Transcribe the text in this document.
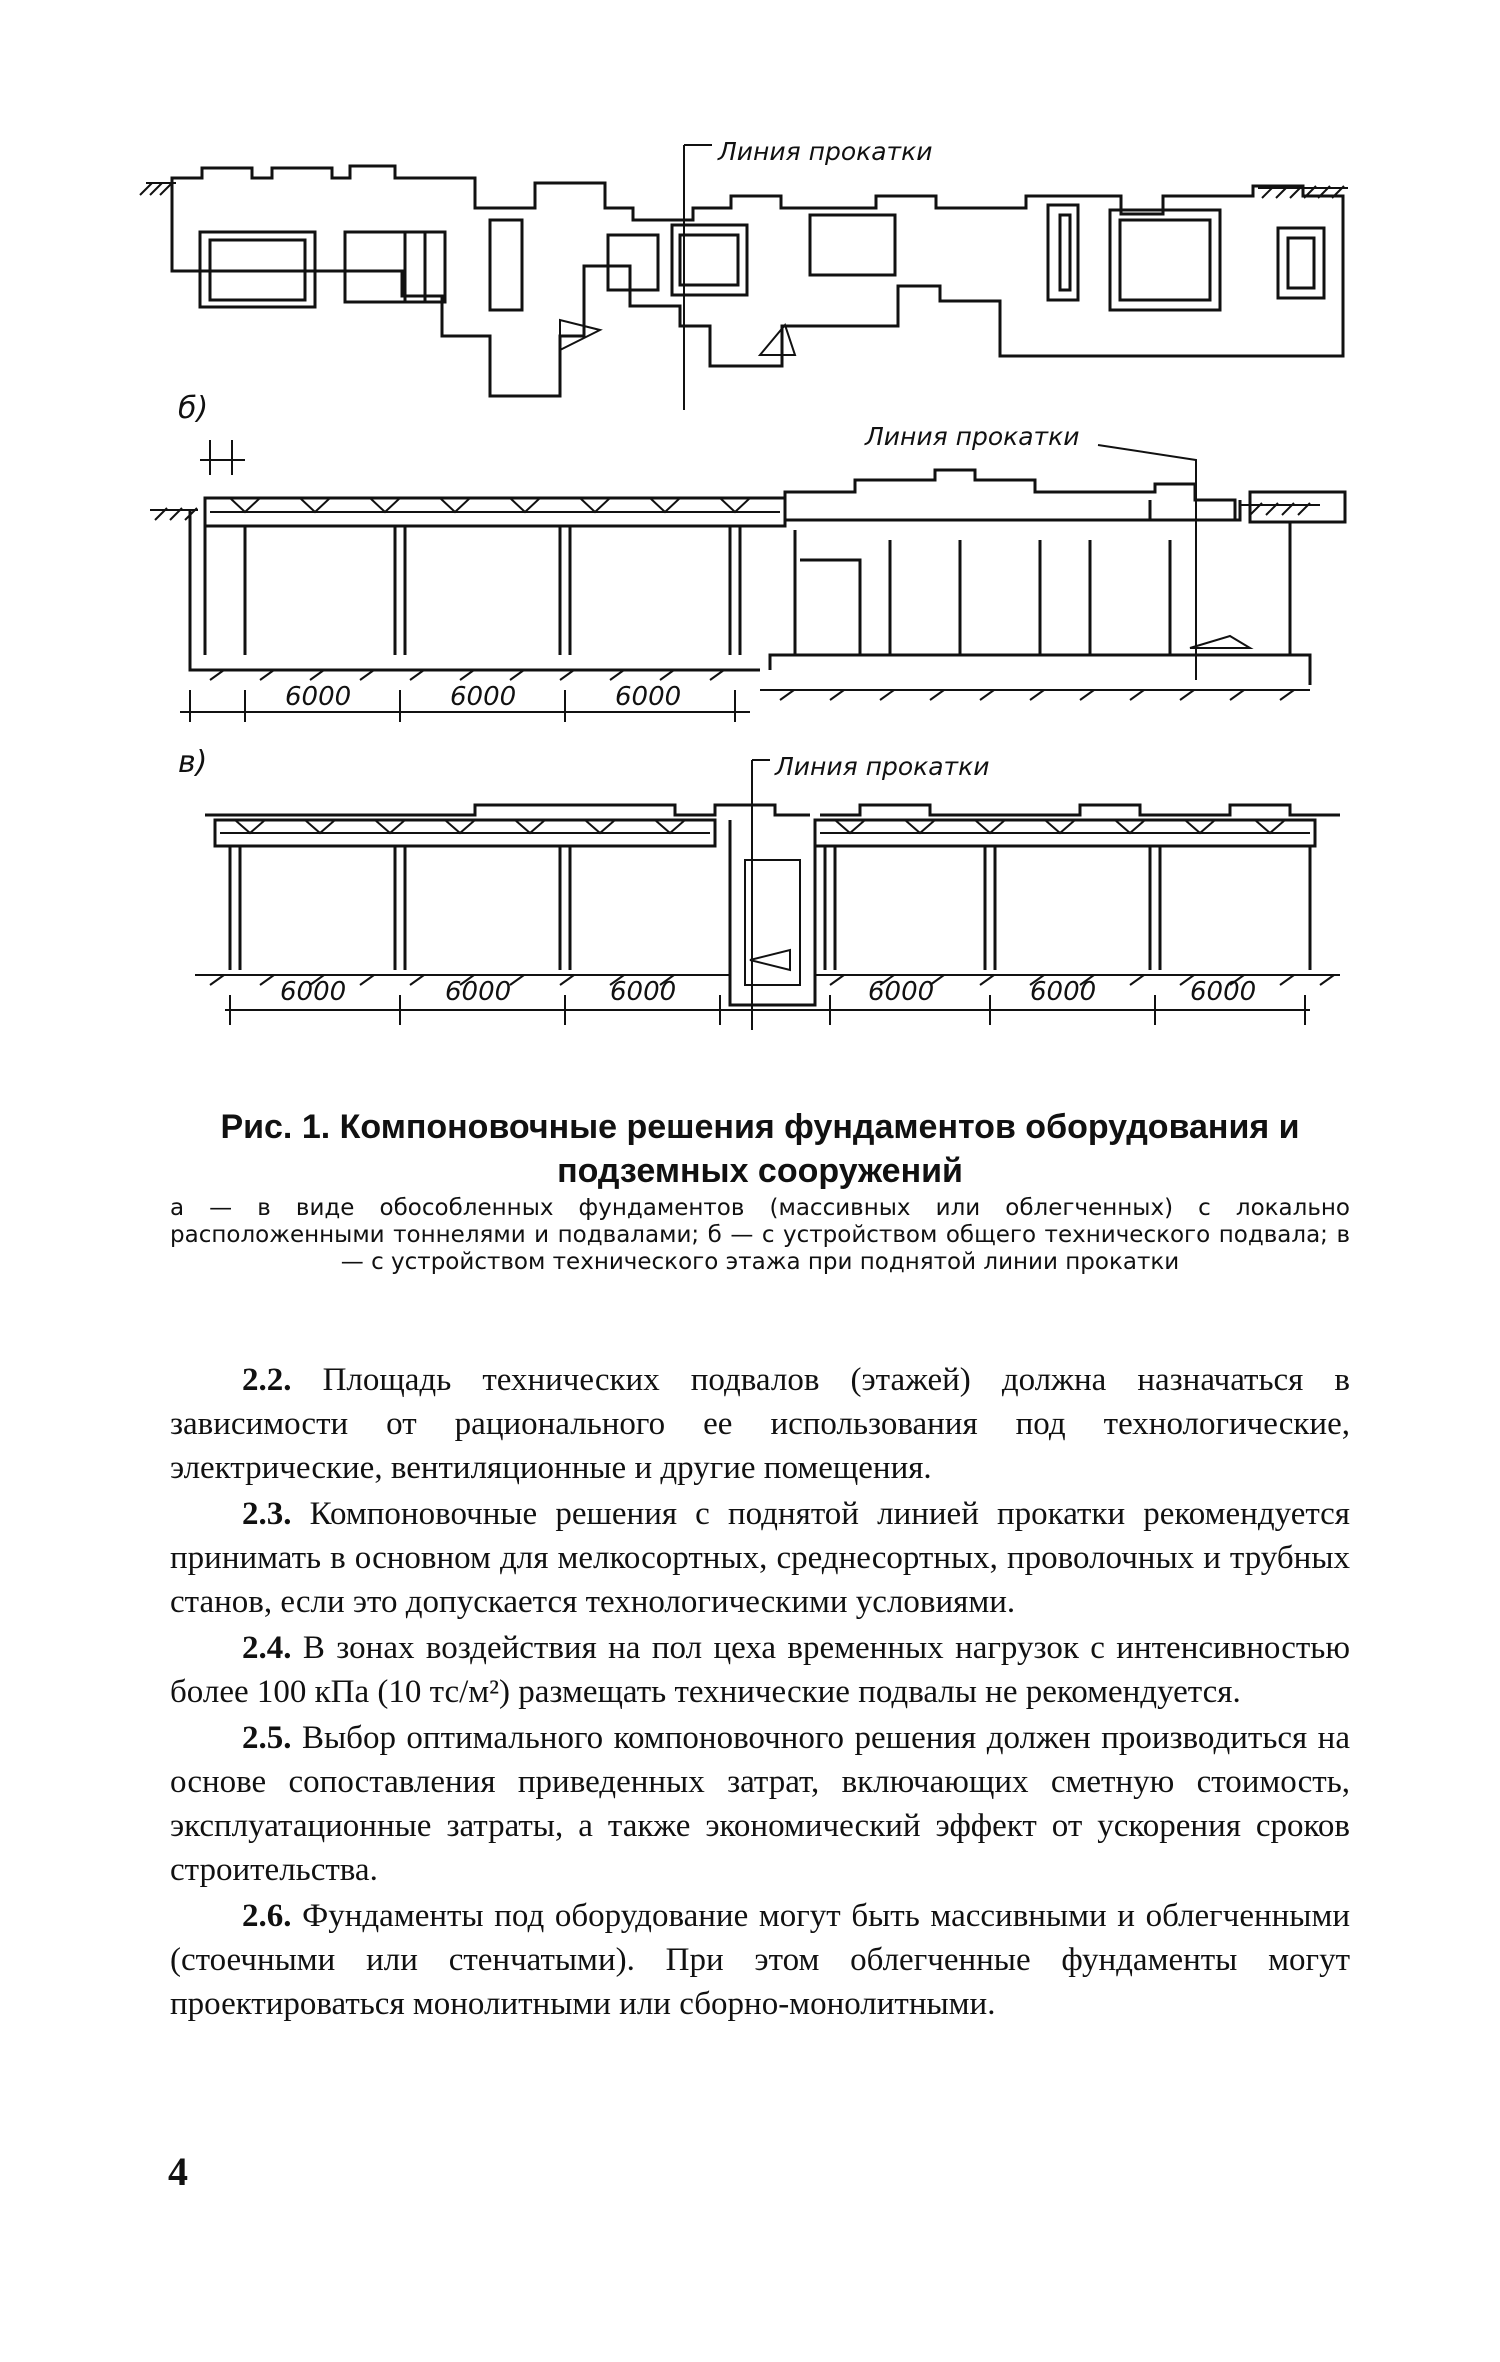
Линия прокатки
б)
Линия прокатки
6000	6000	6000
в)	Линия прокатки
6000	6000	6000	6000	6000	6000
Рис. 1. Компоновочные решения фундаментов оборудования и подземных сооружений
а — в виде обособленных фундаментов (массивных или облегченных) с локально расположенными тоннелями и подвалами; б — с устройством общего технического подвала; в — с устройством технического этажа при поднятой линии прокатки

2.2. Площадь технических подвалов (этажей) должна назначаться в зависимости от рационального ее использования под технологические, электрические, вентиляционные и другие помещения.

2.3. Компоновочные решения с поднятой линией прокатки рекомендуется принимать в основном для мелкосортных, среднесортных, проволочных и трубных станов, если это допускается технологическими условиями.

2.4. В зонах воздействия на пол цеха временных нагрузок с интенсивностью более 100 кПа (10 тс/м²) размещать технические подвалы не рекомендуется.

2.5. Выбор оптимального компоновочного решения должен производиться на основе сопоставления приведенных затрат, включающих сметную стоимость, эксплуатационные затраты, а также экономический эффект от ускорения сроков строительства.

2.6. Фундаменты под оборудование могут быть массивными и облегченными (стоечными или стенчатыми). При этом облегченные фундаменты могут проектироваться монолитными или сборно-монолитными.

4
